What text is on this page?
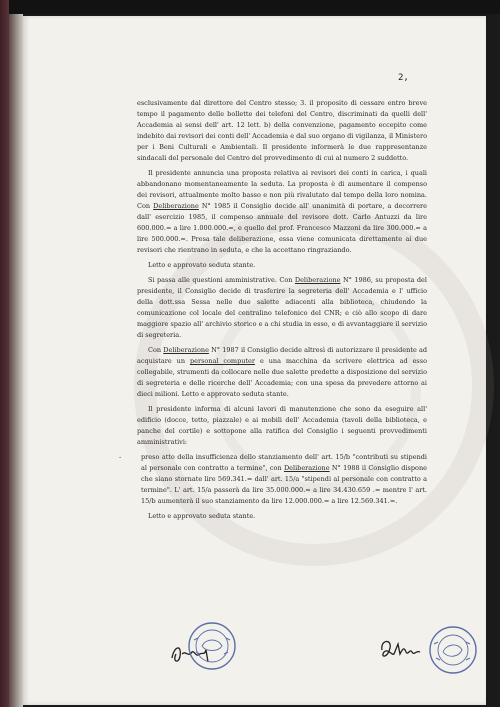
2,

esclusivamente dal direttore del Centro stesso; 3. il proposito di cessare entro breve tempo il pagamento delle bollette dei telefoni del Centro, discriminati da quelli dell' Accademia ai sensi dell' art. 12 lett. b) della convenzione, pagamento eccepito come indebito dai revisori dei conti dell' Accademia e dal suo organo di vigilanza, il Ministero per i Beni Culturali e Ambientali. Il presidente informerà le due rappresentanze sindacali del personale del Centro del provvedimento di cui al numero 2 suddetto.

Il presidente annuncia una proposta relativa ai revisori dei conti in carica, i quali abbandonano momentaneamente la seduta. La proposta è di aumentare il compenso dei revisori, attualmente molto basso e non più rivalutato dal tempo della loro nomina. Con Deliberazione N° 1985 il Consiglio decide all' unanimità di portare, a decorrere dall' esercizio 1985, il compenso annuale del revisore dott. Carlo Antuzzi da lire 600.000.= a lire 1.000.000.=, e quello del prof. Francesco Mazzoni da lire 300.000.= a lire 500.000.=. Presa tale deliberazione, essa viene comunicata direttamente ai due revisori che rientrano in seduta, e che la accettano ringraziando.

Letto e approvato seduta stante.

Si passa alle questioni amministrative. Con Deliberazione N° 1986, su proposta del presidente, il Consiglio decide di trasferire la segreteria dell' Accademia e l' ufficio della dott.ssa Sessa nelle due salette adiacenti alla biblioteca, chiudendo la comunicazione col locale del centralino telefonico del CNR; e ciò allo scopo di dare maggiore spazio all' archivio storico e a chi studia in esso, e di avvantaggiare il servizio di segreteria.

Con Deliberazione N° 1987 il Consiglio decide altresì di autorizzare il presidente ad acquistare un personal computer e una macchina da scrivere elettrica ad esso collegabile, strumenti da collocare nelle due salette predette a disposizione del servizio di segreteria e delle ricerche dell' Accademia; con una spesa da prevedere attorno ai dieci milioni. Letto e approvato seduta stante.

Il presidente informa di alcuni lavori di manutenzione che sono da eseguire all' edificio (docce, tetto, piazzale) e ai mobili dell' Accademia (tavoli della biblioteca, e panche del cortile) e sottopone alla ratifica del Consiglio i seguenti provvedimenti amministrativi:

-	preso atto della insufficienza dello stanziamento dell' art. 15/b "contributi su stipendi al personale con contratto a termine", con Deliberazione N° 1988 il Consiglio dispone che siano stornate lire 569.341.= dall' art. 15/a "stipendi al personale con contratto a termine". L' art. 15/a passerà da lire 35.000.000.= a lire 34.430.659 .= mentre l' art. 15/b aumenterà il suo stanziamento da lire 12.000.000.= a lire 12.569.341.=.

Letto e approvato seduta stante.
